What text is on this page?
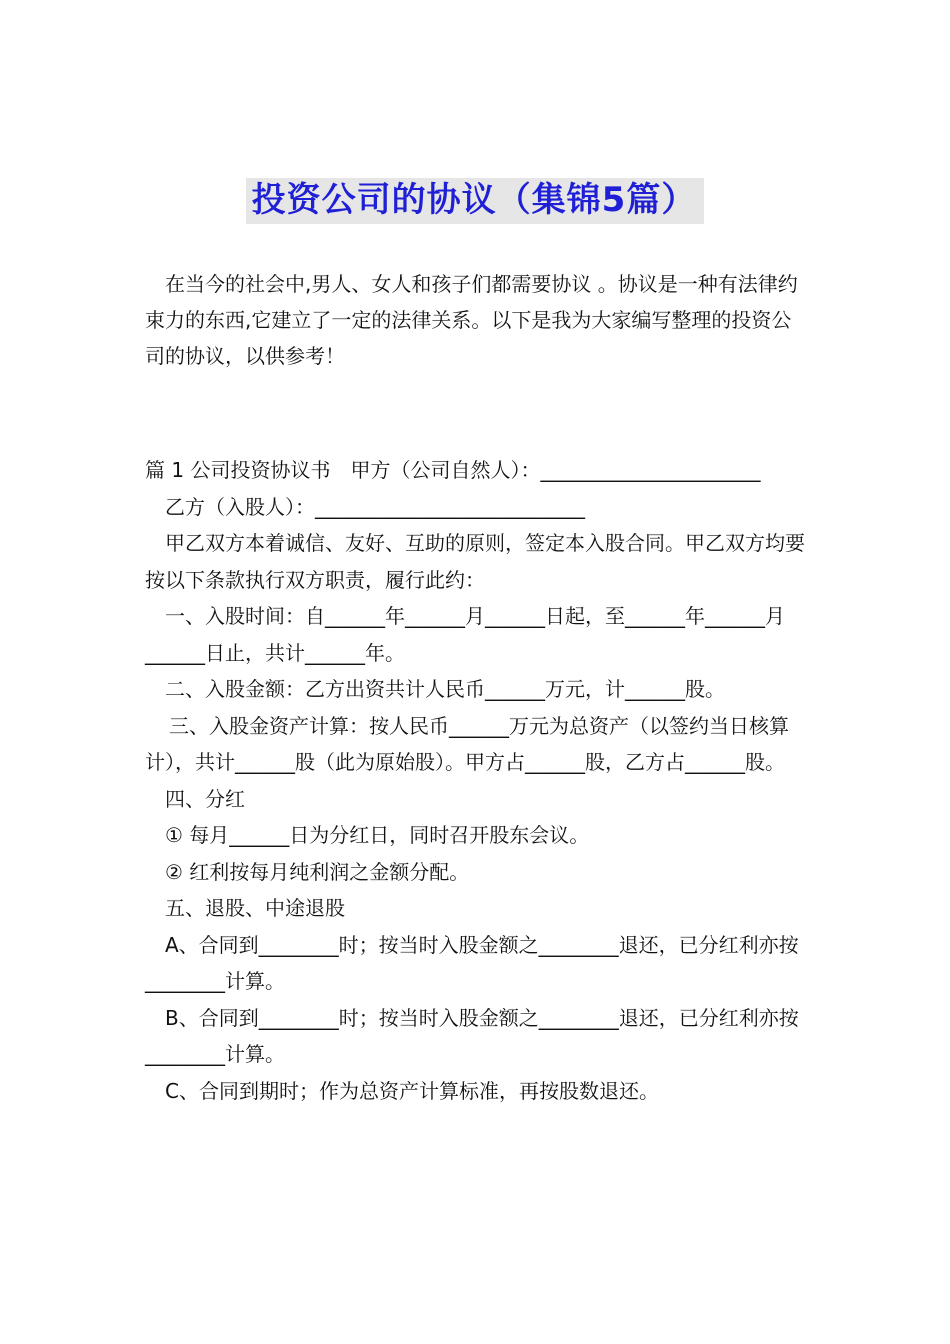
投资公司的协议（集锦5篇）

在当今的社会中,男人、女人和孩子们都需要协议 。协议是一种有法律约束力的东西,它建立了一定的法律关系。以下是我为大家编写整理的投资公司的协议，以供参考！

篇 1 公司投资协议书　甲方（公司自然人）：______________________

乙方（入股人）：___________________________

甲乙双方本着诚信、友好、互助的原则，签定本入股合同。甲乙双方均要按以下条款执行双方职责，履行此约：

一、入股时间：自______年______月______日起，至______年______月______日止，共计______年。

二、入股金额：乙方出资共计人民币______万元，计______股。

三、入股金资产计算：按人民币______万元为总资产（以签约当日核算计），共计______股（此为原始股）。甲方占______股，乙方占______股。

四、分红

① 每月______日为分红日，同时召开股东会议。

② 红利按每月纯利润之金额分配。

五、退股、中途退股

A、合同到________时；按当时入股金额之________退还，已分红利亦按________计算。

B、合同到________时；按当时入股金额之________退还，已分红利亦按________计算。

C、合同到期时；作为总资产计算标准，再按股数退还。
